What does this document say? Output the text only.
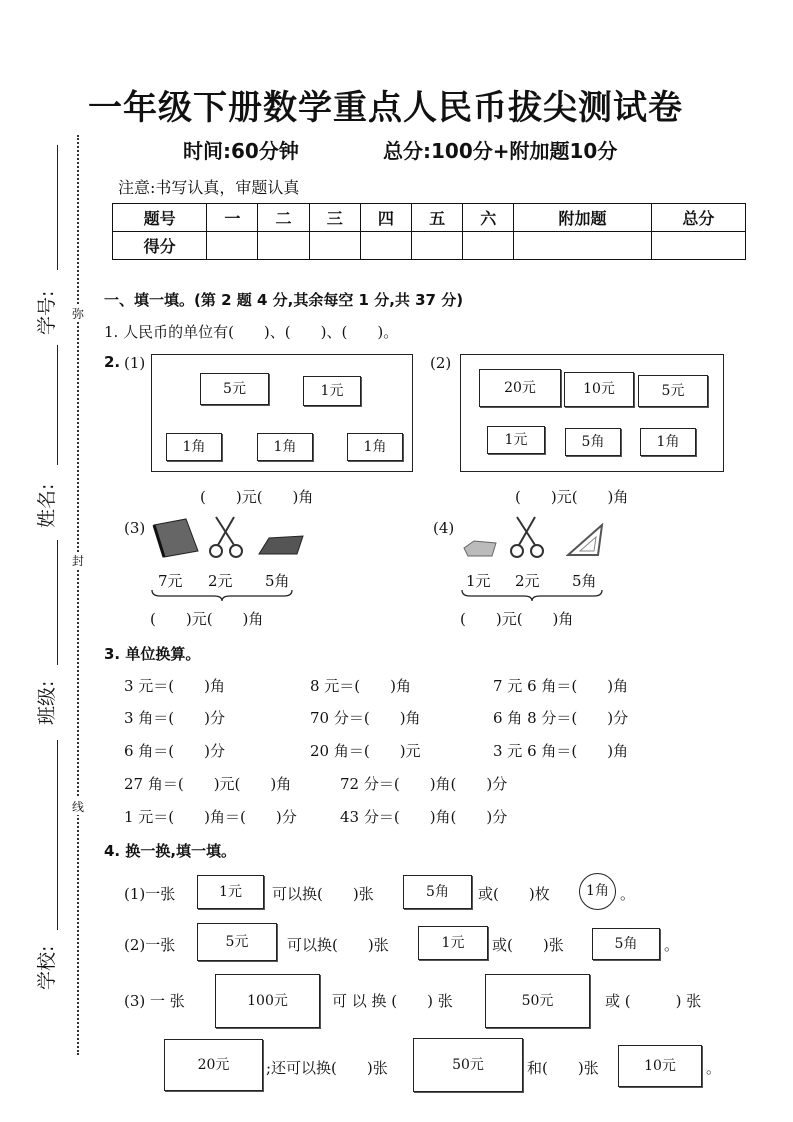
一年级下册数学重点人民币拔尖测试卷
时间:60分钟	总分:100分+附加题10分
注意:书写认真，审题认真
题号	一	二	三	四	五	六	附加题	总分
得分								
学号:
姓名:
班级:
学校:
弥
封
线
一、填一填。(第 2 题 4 分,其余每空 1 分,共 37 分)
1. 人民币的单位有(　　)、(　　)、(　　)。
2. (1)
5元	1元
1角	1角	1角
(　　)元(　　)角
(2)
20元	10元	5元
1元	5角	1角
(　　)元(　　)角
(3)
7元 2元 5角
(　　)元(　　)角
(4)
1元 2元 5角
(　　)元(　　)角
3. 单位换算。
3 元＝(　　)角	8 元＝(　　)角	7 元 6 角＝(　　)角
3 角＝(　　)分	70 分＝(　　)角	6 角 8 分＝(　　)分
6 角＝(　　)分	20 角＝(　　)元	3 元 6 角＝(　　)角
27 角＝(　　)元(　　)角	72 分＝(　　)角(　　)分
1 元＝(　　)角＝(　　)分	43 分＝(　　)角(　　)分
4. 换一换,填一填。
(1)一张	1元	可以换(　　)张	5角	或(　　)枚	1角 。
(2)一张	5元	可以换(　　)张	1元	或(　　)张	5角	。
(3) 一 张	100元	可 以 换 (　　) 张	50元	或 (　　　) 张
20元	;还可以换(　　)张	50元	和(　　)张	10元	。
